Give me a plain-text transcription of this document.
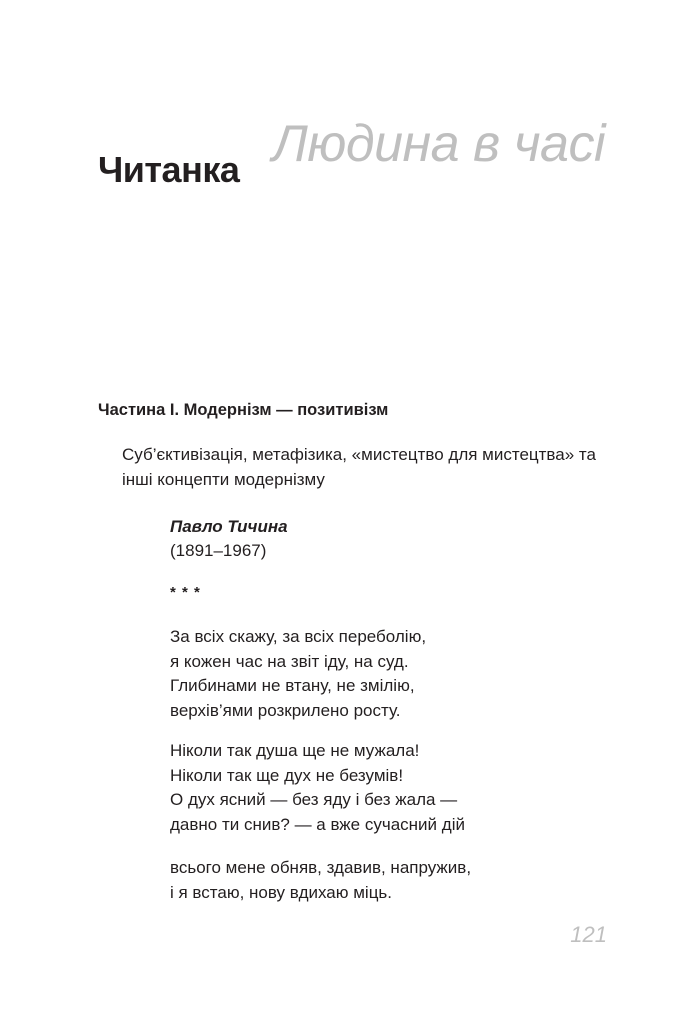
Людина в часі
Читанка
Частина І. Модернізм — позитивізм
Суб’єктивізація, метафізика, «мистецтво для мистецтва» та інші концепти модернізму
Павло Тичина
(1891–1967)
* * *
За всіх скажу, за всіх переболію,
я кожен час на звіт іду, на суд.
Глибинами не втану, не змілію,
верхів’ями розкрилено росту.
Ніколи так душа ще не мужала!
Ніколи так ще дух не безумів!
О дух ясний — без яду і без жала —
давно ти снив? — а вже сучасний дій
всього мене обняв, здавив, напружив,
і я встаю, нову вдихаю міць.
121
